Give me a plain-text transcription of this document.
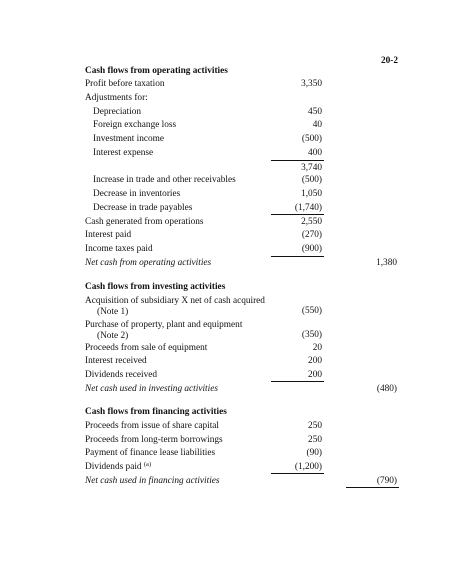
20-2
Cash flows from operating activities
Profit before taxation	3,350
Adjustments for:
Depreciation	450
Foreign exchange loss	40
Investment income	(500)
Interest expense	400
3,740
Increase in trade and other receivables	(500)
Decrease in inventories	1,050
Decrease in trade payables	(1,740)
Cash generated from operations	2,550
Interest paid	(270)
Income taxes paid	(900)
Net cash from operating activities	1,380
Cash flows from investing activities
Acquisition of subsidiary X net of cash acquired
(Note 1)	(550)
Purchase of property, plant and equipment
(Note 2)	(350)
Proceeds from sale of equipment	20
Interest received	200
Dividends received	200
Net cash used in investing activities	(480)
Cash flows from financing activities
Proceeds from issue of share capital	250
Proceeds from long-term borrowings	250
Payment of finance lease liabilities	(90)
Dividends paid $^{(a)}$	(1,200)
Net cash used in financing activities	(790)
